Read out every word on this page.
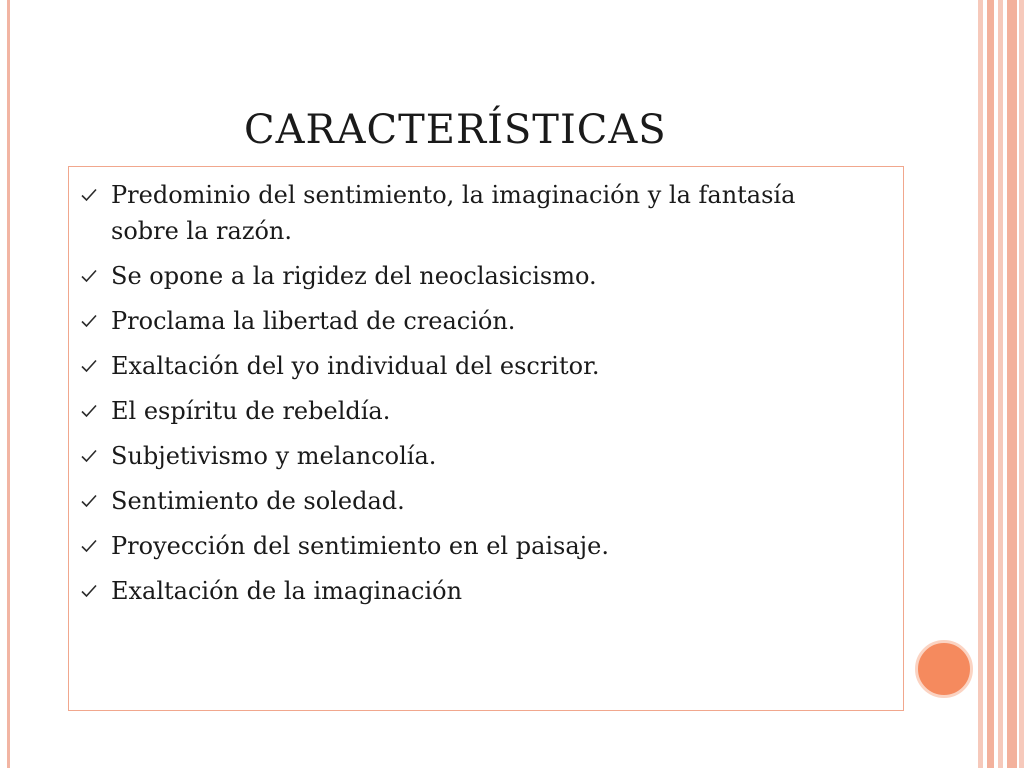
CARACTERÍSTICAS
Predominio del sentimiento, la imaginación y la fantasía sobre la razón.
Se opone a la rigidez del neoclasicismo.
Proclama la libertad de creación.
Exaltación del yo individual del escritor.
El espíritu de rebeldía.
Subjetivismo y melancolía.
Sentimiento de soledad.
Proyección del sentimiento en el paisaje.
Exaltación de la imaginación
